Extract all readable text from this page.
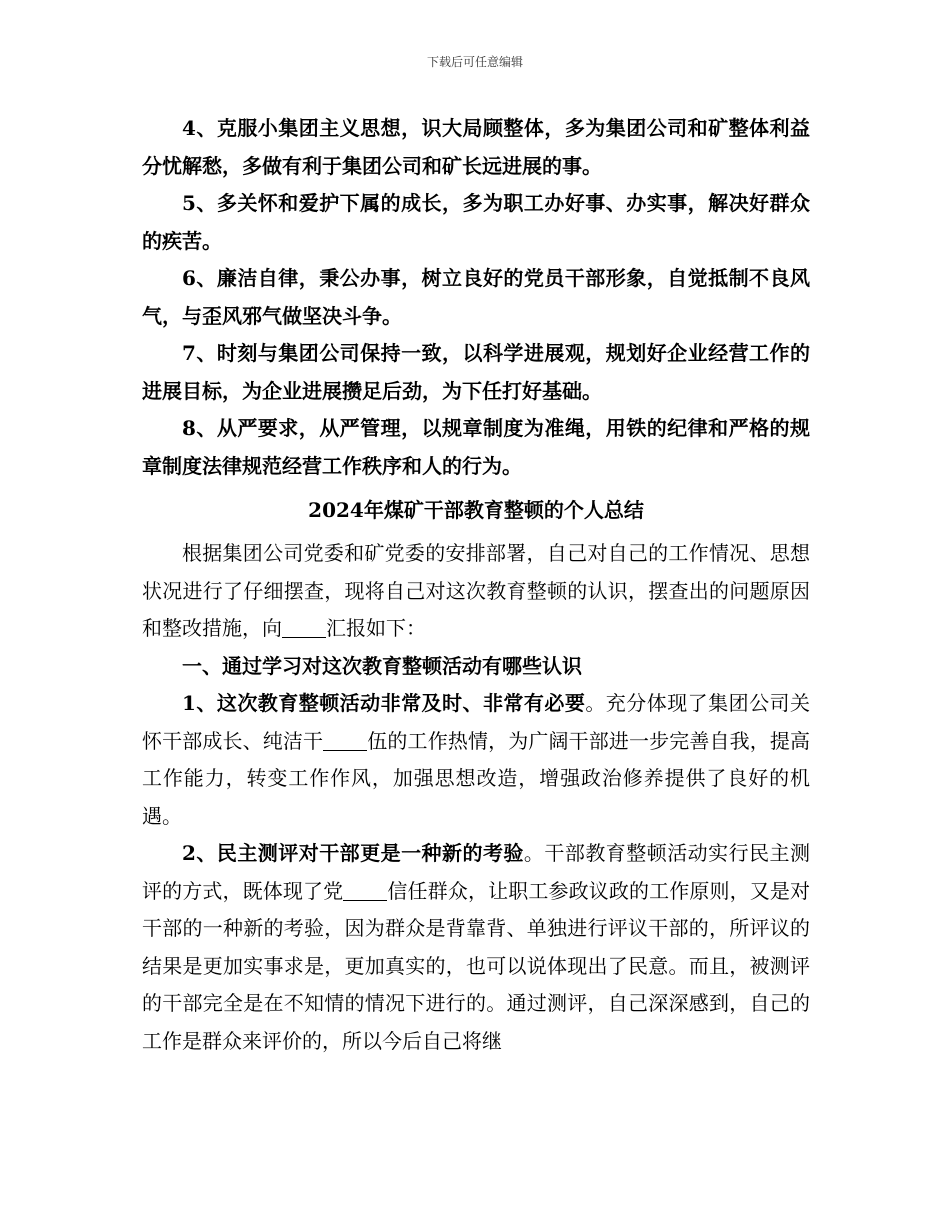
下载后可任意编辑

4、克服小集团主义思想，识大局顾整体，多为集团公司和矿整体利益分忧解愁，多做有利于集团公司和矿长远进展的事。

5、多关怀和爱护下属的成长，多为职工办好事、办实事，解决好群众的疾苦。

6、廉洁自律，秉公办事，树立良好的党员干部形象，自觉抵制不良风气，与歪风邪气做坚决斗争。

7、时刻与集团公司保持一致，以科学进展观，规划好企业经营工作的进展目标，为企业进展攒足后劲，为下任打好基础。

8、从严要求，从严管理，以规章制度为准绳，用铁的纪律和严格的规章制度法律规范经营工作秩序和人的行为。

2024年煤矿干部教育整顿的个人总结

根据集团公司党委和矿党委的安排部署，自己对自己的工作情况、思想状况进行了仔细摆查，现将自己对这次教育整顿的认识，摆查出的问题原因和整改措施，向 汇报如下：

一、通过学习对这次教育整顿活动有哪些认识

1、这次教育整顿活动非常及时、非常有必要。充分体现了集团公司关怀干部成长、纯洁干 伍的工作热情，为广阔干部进一步完善自我，提高工作能力，转变工作作风，加强思想改造，增强政治修养提供了良好的机遇。

2、民主测评对干部更是一种新的考验。干部教育整顿活动实行民主测评的方式，既体现了党 信任群众，让职工参政议政的工作原则，又是对干部的一种新的考验，因为群众是背靠背、单独进行评议干部的，所评议的结果是更加实事求是，更加真实的，也可以说体现出了民意。而且，被测评的干部完全是在不知情的情况下进行的。通过测评，自己深深感到，自己的工作是群众来评价的，所以今后自己将继
